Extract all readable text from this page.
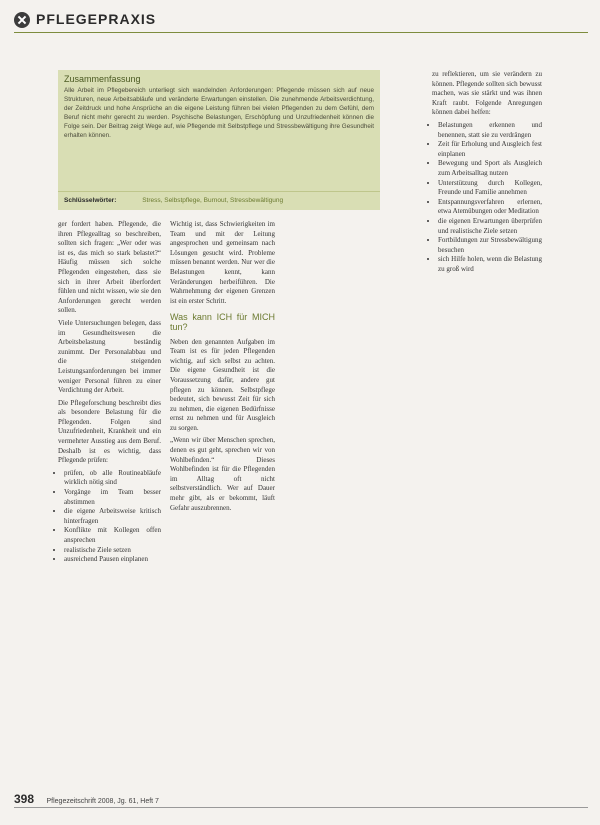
PFLEGEPRAXIS
Zusammenfassung
Alle Arbeit im Pflegebereich unterliegt sich wandelnden Anforderungen: Pflegende müssen sich auf neue Strukturen, neue Arbeitsabläufe und veränderte Erwartungen einstellen. Die zunehmende Arbeitsverdichtung, der Zeitdruck und hohe Ansprüche an die eigene Leistung führen bei vielen Pflegenden zu dem Gefühl, dem Beruf nicht mehr gerecht zu werden. Psychische Belastungen, Erschöpfung und Unzufriedenheit können die Folge sein. Der Beitrag zeigt Wege auf, wie Pflegende mit Selbstpflege und Stressbewältigung ihre Gesundheit erhalten können.
Schlüsselwörter:	Stress, Selbstpflege, Burnout, Stressbewältigung

ger fordert haben. Pflegende, die ihren Pflegealltag so beschreiben, sollten sich fragen: „Wer oder was ist es, das mich so stark belastet?“ Häufig müssen sich solche Pflegenden eingestehen, dass sie sich in ihrer Arbeit überfordert fühlen und nicht wissen, wie sie den Anforderungen gerecht werden sollen.

Viele Untersuchungen belegen, dass im Gesundheitswesen die Arbeitsbelastung beständig zunimmt. Der Personalabbau und die steigenden Leistungsanforderungen bei immer weniger Personal führen zu einer Verdichtung der Arbeit.

Die Pflegeforschung beschreibt dies als besondere Belastung für die Pflegenden. Folgen sind Unzufriedenheit, Krankheit und ein vermehrter Ausstieg aus dem Beruf. Deshalb ist es wichtig, dass Pflegende prüfen:

• prüfen, ob alle Routineabläufe wirklich nötig sind
• Vorgänge im Team besser abstimmen
• die eigene Arbeitsweise kritisch hinterfragen
• Konflikte mit Kollegen offen ansprechen
• realistische Ziele setzen
• ausreichend Pausen einplanen

Wichtig ist, dass Schwierigkeiten im Team und mit der Leitung angesprochen und gemeinsam nach Lösungen gesucht wird. Probleme müssen benannt werden. Nur wer die Belastungen kennt, kann Veränderungen herbeiführen. Die Wahrnehmung der eigenen Grenzen ist ein erster Schritt.

Was kann ICH für MICH tun?

Neben den genannten Aufgaben im Team ist es für jeden Pflegenden wichtig, auf sich selbst zu achten. Die eigene Gesundheit ist die Voraussetzung dafür, andere gut pflegen zu können. Selbstpflege bedeutet, sich bewusst Zeit für sich zu nehmen, die eigenen Bedürfnisse ernst zu nehmen und für Ausgleich zu sorgen.

„Wenn wir über Menschen sprechen, denen es gut geht, sprechen wir von Wohlbefinden.“ Dieses Wohlbefinden ist für die Pflegenden im Alltag oft nicht selbstverständlich. Wer auf Dauer mehr gibt, als er bekommt, läuft Gefahr auszubrennen.

zu reflektieren, um sie verändern zu können. Pflegende sollten sich bewusst machen, was sie stärkt und was ihnen Kraft raubt. Folgende Anregungen können dabei helfen:

• Belastungen erkennen und benennen, statt sie zu verdrängen
• Zeit für Erholung und Ausgleich fest einplanen
• Bewegung und Sport als Ausgleich zum Arbeitsalltag nutzen
• Unterstützung durch Kollegen, Freunde und Familie annehmen
• Entspannungsverfahren erlernen, etwa Atemübungen oder Meditation
• die eigenen Erwartungen überprüfen und realistische Ziele setzen
• Fortbildungen zur Stressbewältigung besuchen
• sich Hilfe holen, wenn die Belastung zu groß wird
398 Pflegezeitschrift 2008, Jg. 61, Heft 7
